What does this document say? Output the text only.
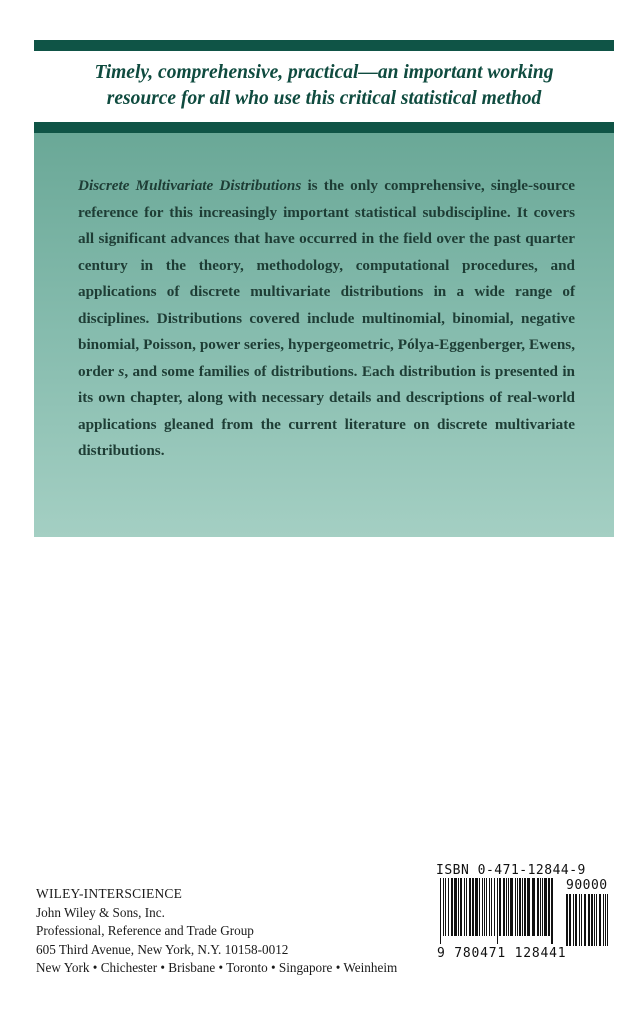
Timely, comprehensive, practical—an important working
resource for all who use this critical statistical method
Discrete Multivariate Distributions is the only comprehensive, single-source reference for this increasingly important statistical subdiscipline. It covers all significant advances that have occurred in the field over the past quarter century in the theory, methodology, computational procedures, and applications of discrete multivariate distributions in a wide range of disciplines. Distributions covered include multinomial, binomial, negative binomial, Poisson, power series, hypergeometric, Pólya-Eggenberger, Ewens, order s, and some families of distributions. Each distribution is presented in its own chapter, along with necessary details and descriptions of real-world applications gleaned from the current literature on discrete multivariate distributions.
WILEY-INTERSCIENCE
John Wiley & Sons, Inc.
Professional, Reference and Trade Group
605 Third Avenue, New York, N.Y. 10158-0012
New York • Chichester • Brisbane • Toronto • Singapore • Weinheim
ISBN 0-471-12844-9
9 780471 128441
90000
